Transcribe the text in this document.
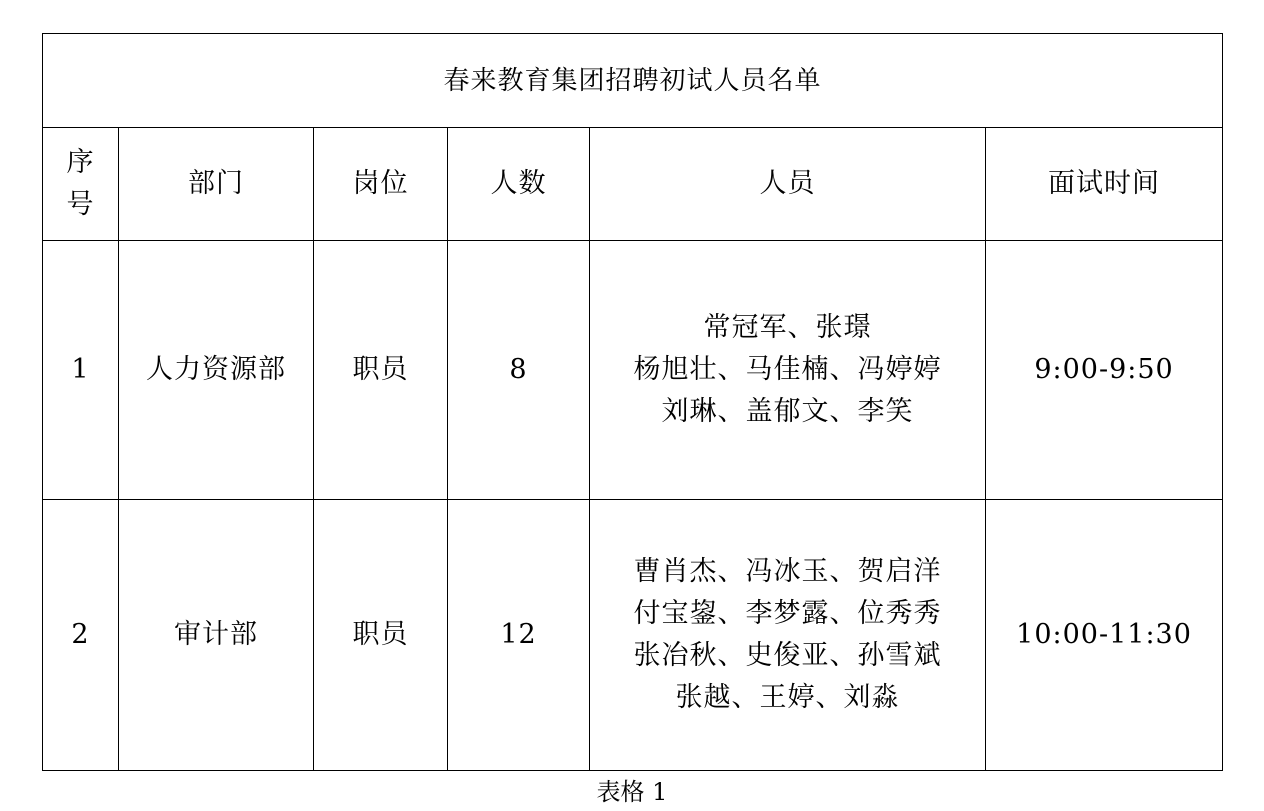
春来教育集团招聘初试人员名单					

序
号	部门	岗位	人数	人员	面试时间
1	人力资源部	职员	8	常冠军、张璟
杨旭壮、马佳楠、冯婷婷
刘琳、盖郁文、李笑	9:00-9:50
2	审计部	职员	12	曹肖杰、冯冰玉、贺启洋
付宝鋆、李梦露、位秀秀
张冶秋、史俊亚、孙雪斌
张越、王婷、刘淼	10:00-11:30
表格 1
